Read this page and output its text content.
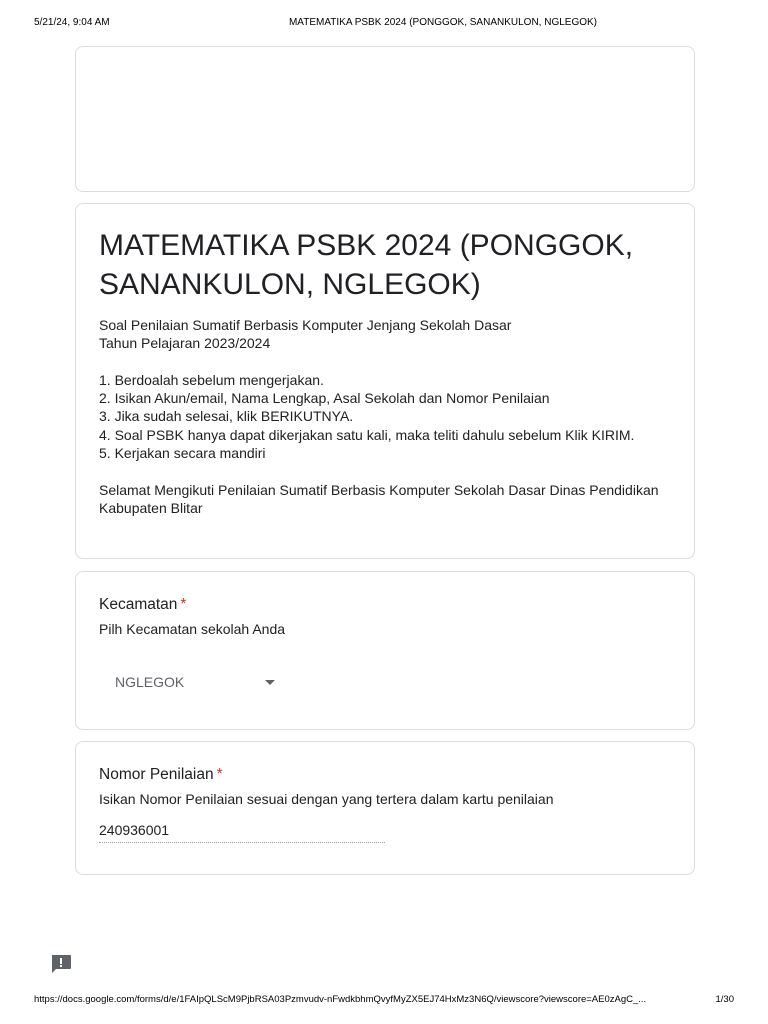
5/21/24, 9:04 AM	MATEMATIKA PSBK 2024 (PONGGOK, SANANKULON, NGLEGOK)
MATEMATIKA PSBK 2024 (PONGGOK, SANANKULON, NGLEGOK)
Soal Penilaian Sumatif Berbasis Komputer Jenjang Sekolah Dasar
Tahun Pelajaran 2023/2024
1. Berdoalah sebelum mengerjakan.
2. Isikan Akun/email, Nama Lengkap, Asal Sekolah dan Nomor Penilaian
3. Jika sudah selesai, klik BERIKUTNYA.
4. Soal PSBK hanya dapat dikerjakan satu kali, maka teliti dahulu sebelum Klik KIRIM.
5. Kerjakan secara mandiri
Selamat Mengikuti Penilaian Sumatif Berbasis Komputer Sekolah Dasar Dinas Pendidikan Kabupaten Blitar
Kecamatan *
Pilh Kecamatan sekolah Anda
NGLEGOK
Nomor Penilaian *
Isikan Nomor Penilaian sesuai dengan yang tertera dalam kartu penilaian
240936001
https://docs.google.com/forms/d/e/1FAIpQLScM9PjbRSA03Pzmvudv-nFwdkbhmQvyfMyZX5EJ74HxMz3N6Q/viewscore?viewscore=AE0zAgC_...	1/30
